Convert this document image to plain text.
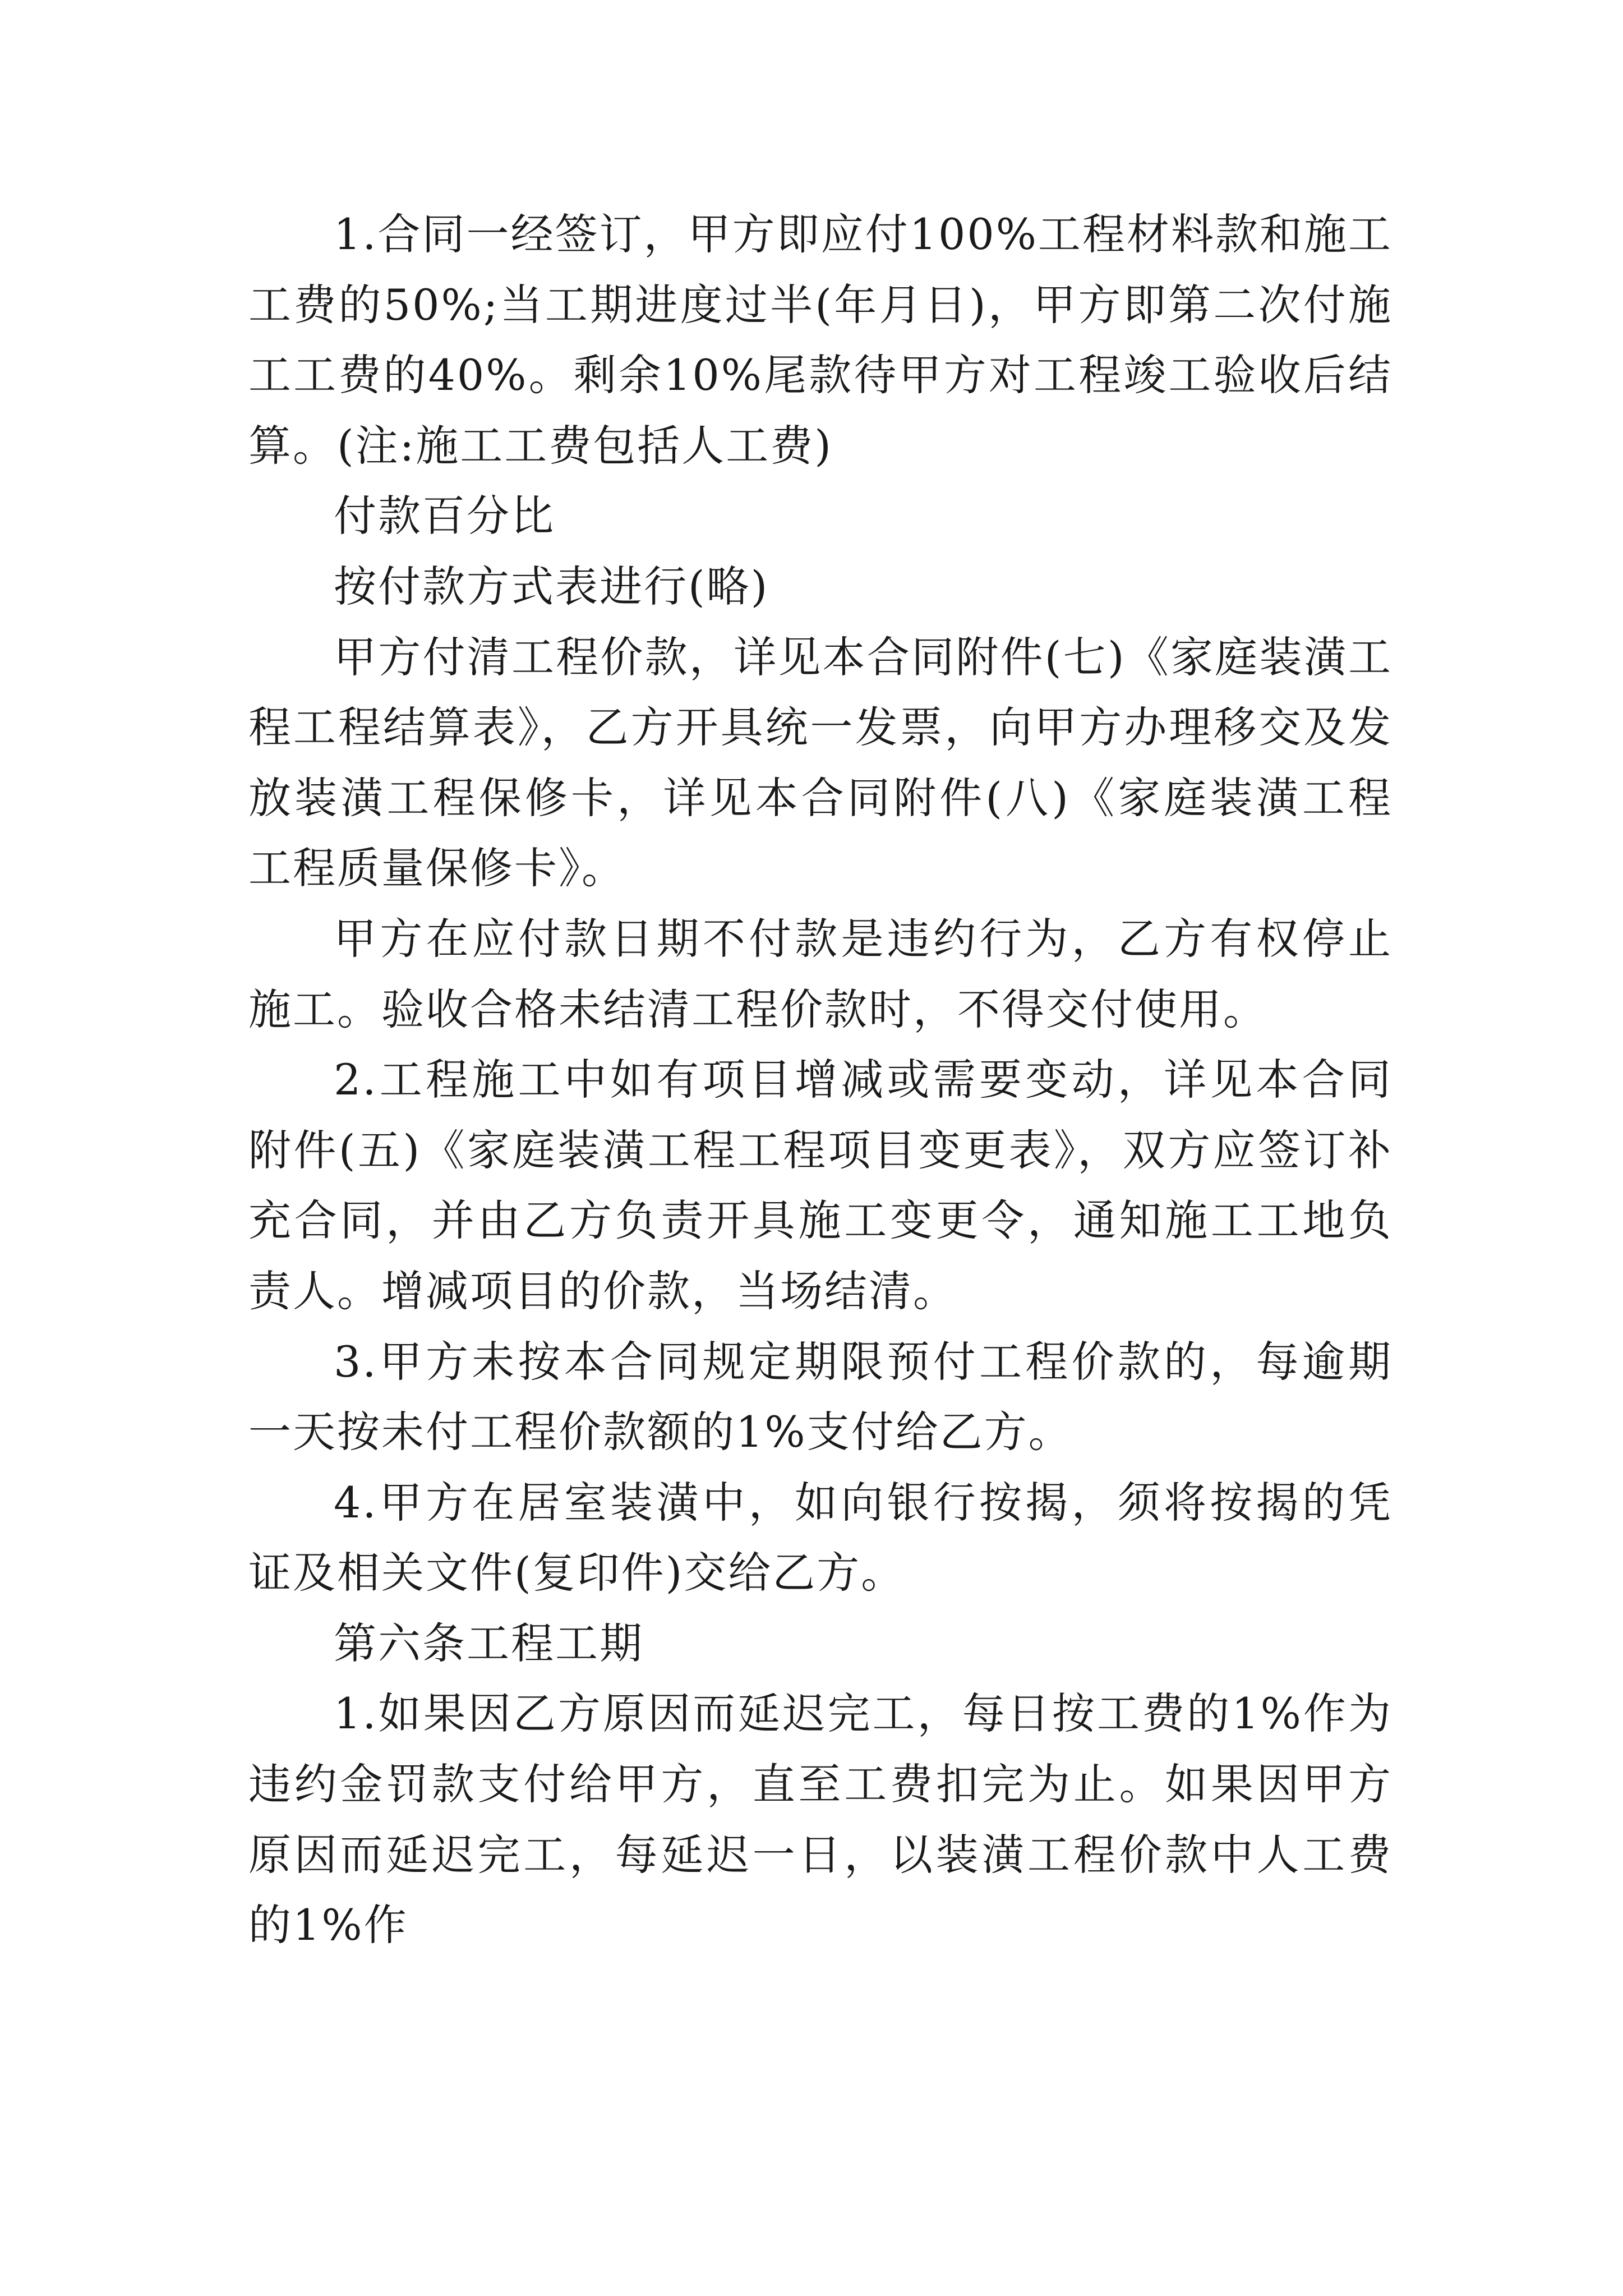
1.合同一经签订，甲方即应付100%工程材料款和施工工费的50%;当工期进度过半(年月日)，甲方即第二次付施工工费的40%。剩余10%尾款待甲方对工程竣工验收后结算。(注:施工工费包括人工费)

付款百分比

按付款方式表进行(略)

甲方付清工程价款，详见本合同附件(七)《家庭装潢工程工程结算表》，乙方开具统一发票，向甲方办理移交及发放装潢工程保修卡，详见本合同附件(八)《家庭装潢工程工程质量保修卡》。

甲方在应付款日期不付款是违约行为，乙方有权停止施工。验收合格未结清工程价款时，不得交付使用。

2.工程施工中如有项目增减或需要变动，详见本合同附件(五)《家庭装潢工程工程项目变更表》，双方应签订补充合同，并由乙方负责开具施工变更令，通知施工工地负责人。增减项目的价款，当场结清。

3.甲方未按本合同规定期限预付工程价款的，每逾期一天按未付工程价款额的1%支付给乙方。

4.甲方在居室装潢中，如向银行按揭，须将按揭的凭证及相关文件(复印件)交给乙方。

第六条工程工期

1.如果因乙方原因而延迟完工，每日按工费的1%作为违约金罚款支付给甲方，直至工费扣完为止。如果因甲方原因而延迟完工，每延迟一日，以装潢工程价款中人工费的1%作
